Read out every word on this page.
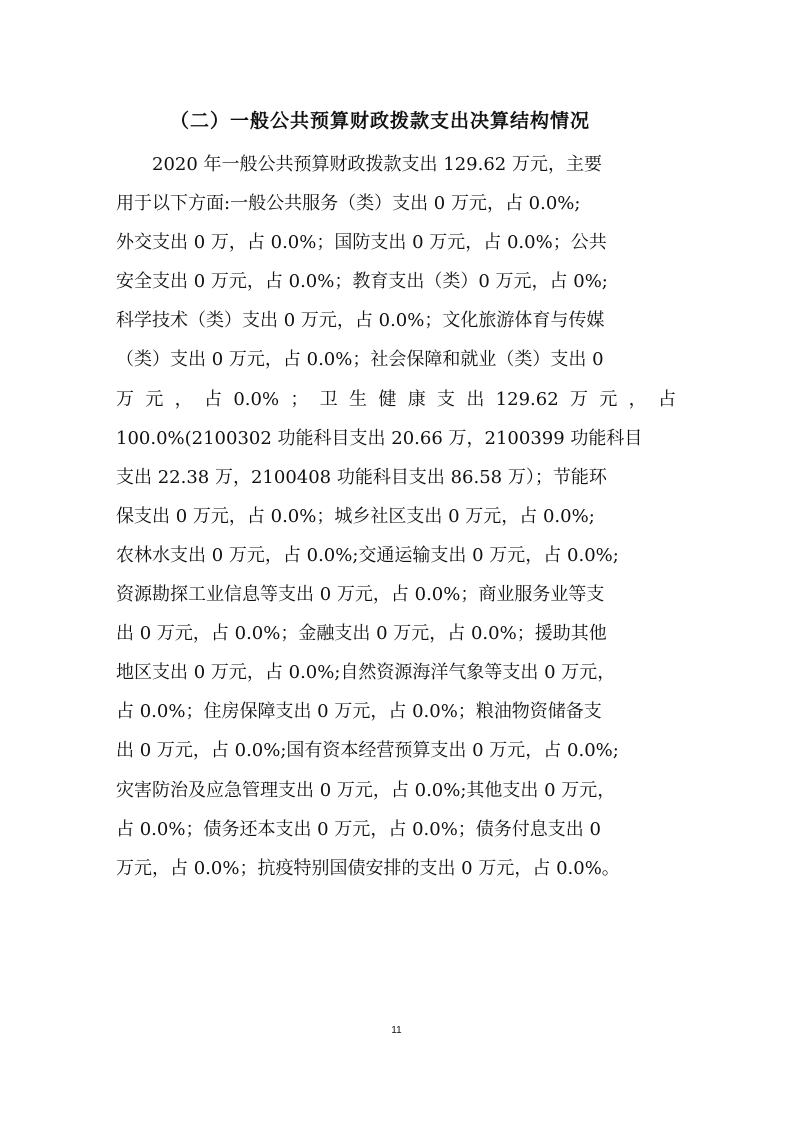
（二）一般公共预算财政拨款支出决算结构情况
　　2020 年一般公共预算财政拨款支出 129.62 万元，主要
用于以下方面:一般公共服务（类）支出 0 万元，占 0.0%;
外交支出 0 万，占 0.0%；国防支出 0 万元，占 0.0%；公共
安全支出 0 万元，占 0.0%；教育支出（类）0 万元，占 0%;
科学技术（类）支出 0 万元，占 0.0%；文化旅游体育与传媒
（类）支出 0 万元，占 0.0%；社会保障和就业（类）支出 0
万 元 ， 占 0.0% ； 卫 生 健 康 支 出 129.62 万 元 ， 占
100.0%(2100302 功能科目支出 20.66 万，2100399 功能科目
支出 22.38 万，2100408 功能科目支出 86.58 万）；节能环
保支出 0 万元，占 0.0%；城乡社区支出 0 万元，占 0.0%;
农林水支出 0 万元，占 0.0%;交通运输支出 0 万元，占 0.0%;
资源勘探工业信息等支出 0 万元，占 0.0%；商业服务业等支
出 0 万元，占 0.0%；金融支出 0 万元，占 0.0%；援助其他
地区支出 0 万元，占 0.0%;自然资源海洋气象等支出 0 万元，
占 0.0%；住房保障支出 0 万元，占 0.0%；粮油物资储备支
出 0 万元，占 0.0%;国有资本经营预算支出 0 万元，占 0.0%;
灾害防治及应急管理支出 0 万元，占 0.0%;其他支出 0 万元，
占 0.0%；债务还本支出 0 万元，占 0.0%；债务付息支出 0
万元，占 0.0%；抗疫特别国债安排的支出 0 万元，占 0.0%。
11
